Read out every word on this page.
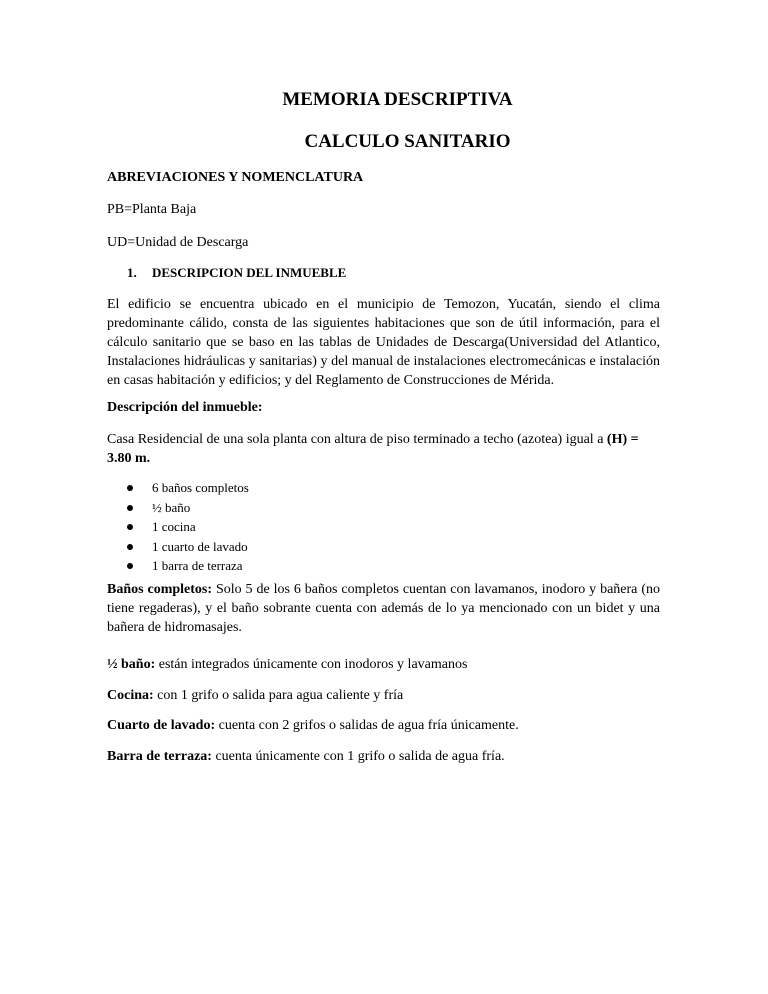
MEMORIA DESCRIPTIVA
CALCULO SANITARIO
ABREVIACIONES Y NOMENCLATURA
PB=Planta Baja
UD=Unidad de Descarga
1. DESCRIPCION DEL INMUEBLE
El edificio se encuentra ubicado en el municipio de Temozon, Yucatán, siendo el clima predominante cálido, consta de las siguientes habitaciones que son de útil información, para el cálculo sanitario que se baso en las tablas de Unidades de Descarga(Universidad del Atlantico, Instalaciones hidráulicas y sanitarias) y del manual de instalaciones electromecánicas e instalación en casas habitación y edificios; y del Reglamento de Construcciones de Mérida.
Descripción del inmueble:
Casa Residencial de una sola planta con altura de piso terminado a techo (azotea) igual a (H) = 3.80 m.
6 baños completos
½ baño
1 cocina
1 cuarto de lavado
1 barra de terraza
Baños completos: Solo 5 de los 6 baños completos cuentan con lavamanos, inodoro y bañera (no tiene regaderas), y el baño sobrante cuenta con además de lo ya mencionado con un bidet y una bañera de hidromasajes.
½ baño: están integrados únicamente con inodoros y lavamanos
Cocina: con 1 grifo o salida para agua caliente y fría
Cuarto de lavado: cuenta con 2 grifos o salidas de agua fría únicamente.
Barra de terraza: cuenta únicamente con 1 grifo o salida de agua fría.
